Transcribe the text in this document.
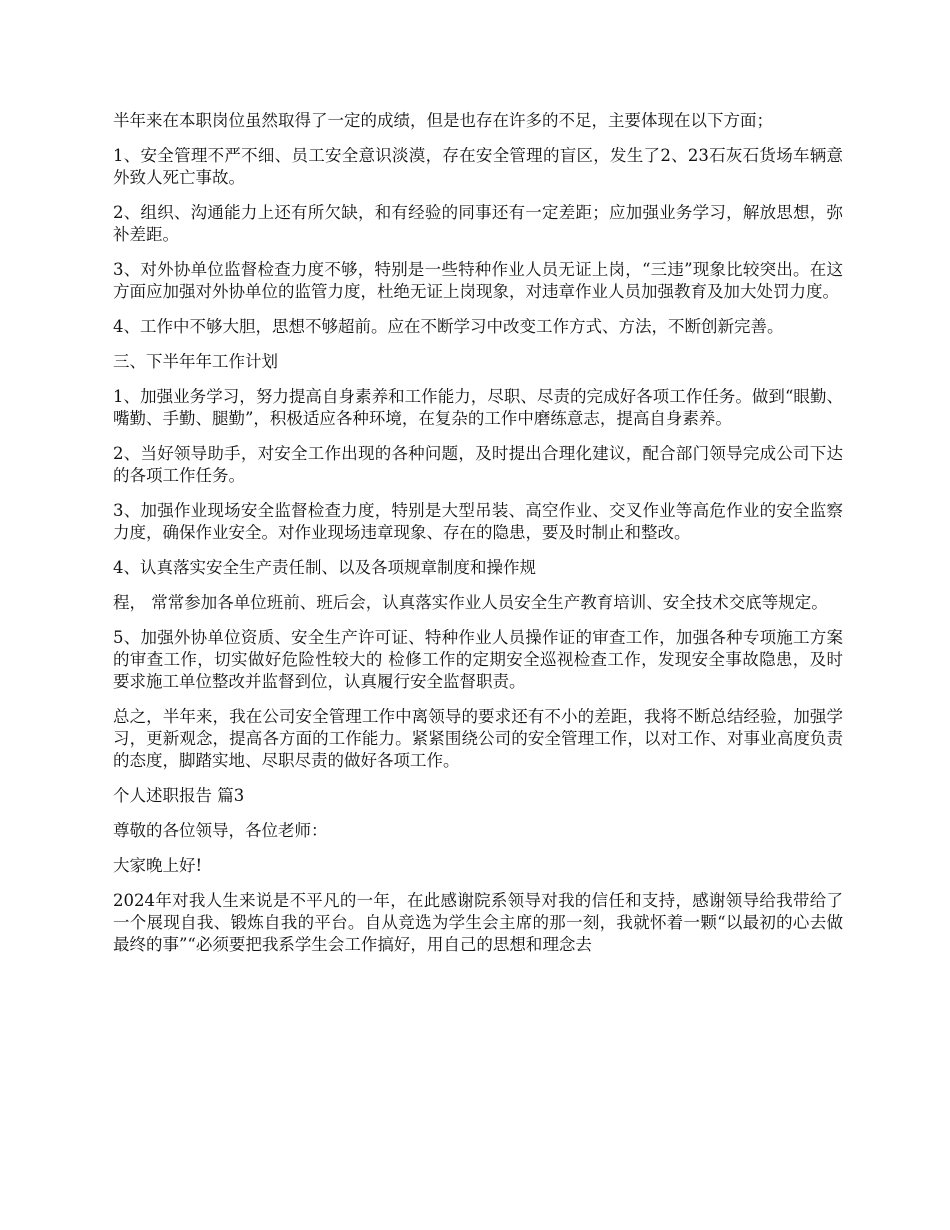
半年来在本职岗位虽然取得了一定的成绩，但是也存在许多的不足，主要体现在以下方面；

1、安全管理不严不细、员工安全意识淡漠，存在安全管理的盲区，发生了2、23石灰石货场车辆意外致人死亡事故。

2、组织、沟通能力上还有所欠缺，和有经验的同事还有一定差距；应加强业务学习，解放思想，弥补差距。

3、对外协单位监督检查力度不够，特别是一些特种作业人员无证上岗，“三违”现象比较突出。在这方面应加强对外协单位的监管力度，杜绝无证上岗现象，对违章作业人员加强教育及加大处罚力度。

4、工作中不够大胆，思想不够超前。应在不断学习中改变工作方式、方法，不断创新完善。

三、下半年年工作计划

1、加强业务学习，努力提高自身素养和工作能力，尽职、尽责的完成好各项工作任务。做到“眼勤、嘴勤、手勤、腿勤”，积极适应各种环境，在复杂的工作中磨练意志，提高自身素养。

2、当好领导助手，对安全工作出现的各种问题，及时提出合理化建议，配合部门领导完成公司下达的各项工作任务。

3、加强作业现场安全监督检查力度，特别是大型吊装、高空作业、交叉作业等高危作业的安全监察力度，确保作业安全。对作业现场违章现象、存在的隐患，要及时制止和整改。

4、认真落实安全生产责任制、以及各项规章制度和操作规

程， 常常参加各单位班前、班后会，认真落实作业人员安全生产教育培训、安全技术交底等规定。

5、加强外协单位资质、安全生产许可证、特种作业人员操作证的审查工作，加强各种专项施工方案的审查工作，切实做好危险性较大的 检修工作的定期安全巡视检查工作，发现安全事故隐患，及时要求施工单位整改并监督到位，认真履行安全监督职责。

总之，半年来，我在公司安全管理工作中离领导的要求还有不小的差距，我将不断总结经验，加强学习，更新观念，提高各方面的工作能力。紧紧围绕公司的安全管理工作，以对工作、对事业高度负责的态度，脚踏实地、尽职尽责的做好各项工作。

个人述职报告 篇3

尊敬的各位领导，各位老师：

大家晚上好!

2024年对我人生来说是不平凡的一年，在此感谢院系领导对我的信任和支持，感谢领导给我带给了一个展现自我、锻炼自我的平台。自从竞选为学生会主席的那一刻，我就怀着一颗“以最初的心去做最终的事”“必须要把我系学生会工作搞好，用自己的思想和理念去
